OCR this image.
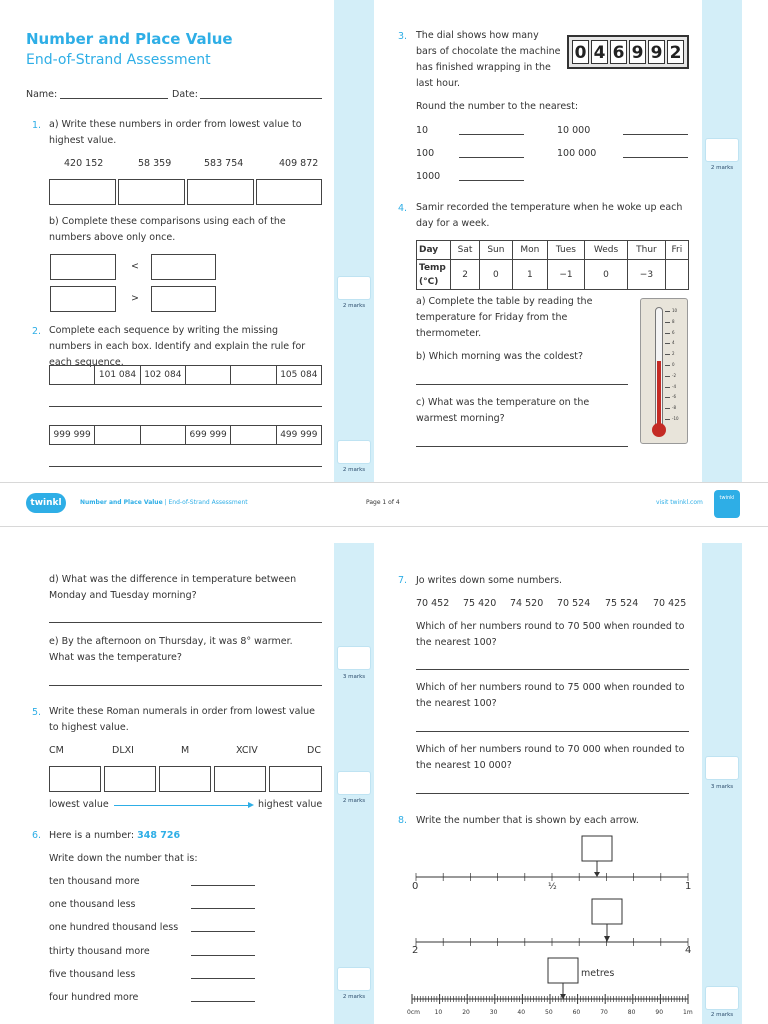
2 marks
2 marks
2 marks
Number and Place Value
End-of-Strand Assessment
Name:	Date:
1. a) Write these numbers in order from lowest value to highest value.
420 152	58 359	583 754	409 872
b) Complete these comparisons using each of the numbers above only once.
<
>
2. Complete each sequence by writing the missing numbers in each box. Identify and explain the rule for each sequence.
	101 084	102 084			105 084
999 999			699 999		499 999
3. The dial shows how many bars of chocolate the machine has finished wrapping in the last hour.
0 4 6 9 9 2
Round the number to the nearest:
10	10 000
100	100 000
1000
4. Samir recorded the temperature when he woke up each day for a week.
Day	Sat	Sun	Mon	Tues	Weds	Thur	Fri
Temp (°C)	2	0	1	−1	0	−3	
a) Complete the table by reading the temperature for Friday from the thermometer.
b) Which morning was the coldest?
c) What was the temperature on the warmest morning?
10
8
6
4
2
0
-2
-4
-6
-8
-10
twinkl	Number and Place Value | End-of-Strand Assessment	Page 1 of 4	visit twinkl.com
twinkl
3 marks
2 marks
2 marks
3 marks
2 marks
d) What was the difference in temperature between Monday and Tuesday morning?
e) By the afternoon on Thursday, it was 8° warmer. What was the temperature?
5. Write these Roman numerals in order from lowest value to highest value.
CM	DLXI	M	XCIV	DC
lowest value	highest value
6. Here is a number: 348 726
Write down the number that is:
ten thousand more
one thousand less
one hundred thousand less
thirty thousand more
five thousand less
four hundred more
7. Jo writes down some numbers.
70 452 75 420 74 520 70 524 75 524 70 425
Which of her numbers round to 70 500 when rounded to the nearest 100?
Which of her numbers round to 75 000 when rounded to the nearest 100?
Which of her numbers round to 70 000 when rounded to the nearest 10 000?
8. Write the number that is shown by each arrow.
0	½	1
2	4
metres
0cm 10	20	30	40	50	60	70	80	90	1m
